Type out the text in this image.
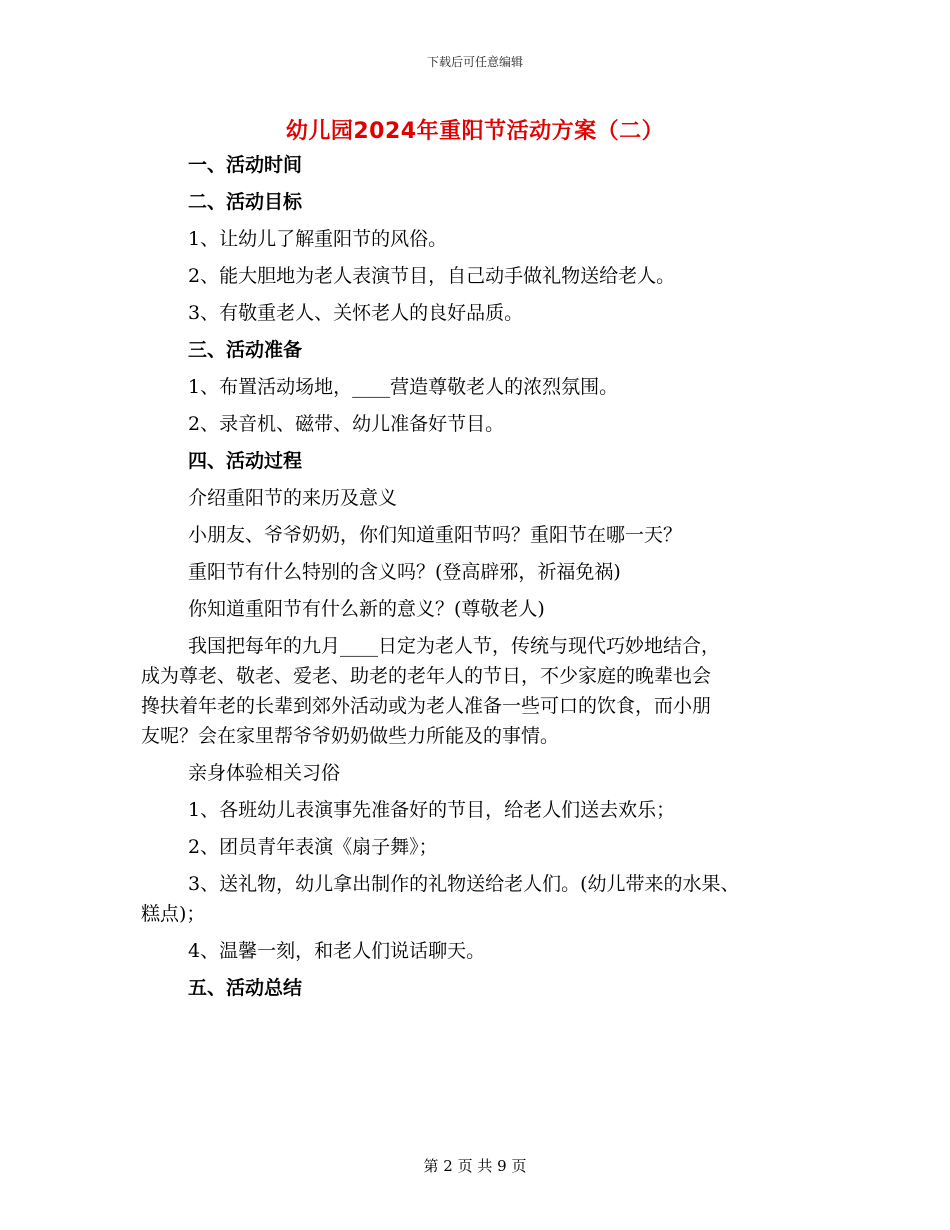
下载后可任意编辑
幼儿园2024年重阳节活动方案（二）
一、活动时间
二、活动目标
1、让幼儿了解重阳节的风俗。
2、能大胆地为老人表演节目，自己动手做礼物送给老人。
3、有敬重老人、关怀老人的良好品质。
三、活动准备
1、布置活动场地，____营造尊敬老人的浓烈氛围。
2、录音机、磁带、幼儿准备好节目。
四、活动过程
介绍重阳节的来历及意义
小朋友、爷爷奶奶，你们知道重阳节吗？重阳节在哪一天？
重阳节有什么特别的含义吗？(登高辟邪，祈福免祸)
你知道重阳节有什么新的意义？(尊敬老人)
我国把每年的九月____日定为老人节，传统与现代巧妙地结合，
成为尊老、敬老、爱老、助老的老年人的节日，不少家庭的晚辈也会
搀扶着年老的长辈到郊外活动或为老人准备一些可口的饮食，而小朋
友呢？会在家里帮爷爷奶奶做些力所能及的事情。
亲身体验相关习俗
1、各班幼儿表演事先准备好的节目，给老人们送去欢乐；
2、团员青年表演《扇子舞》；
3、送礼物，幼儿拿出制作的礼物送给老人们。(幼儿带来的水果、
糕点)；
4、温馨一刻，和老人们说话聊天。
五、活动总结
第 2 页 共 9 页
